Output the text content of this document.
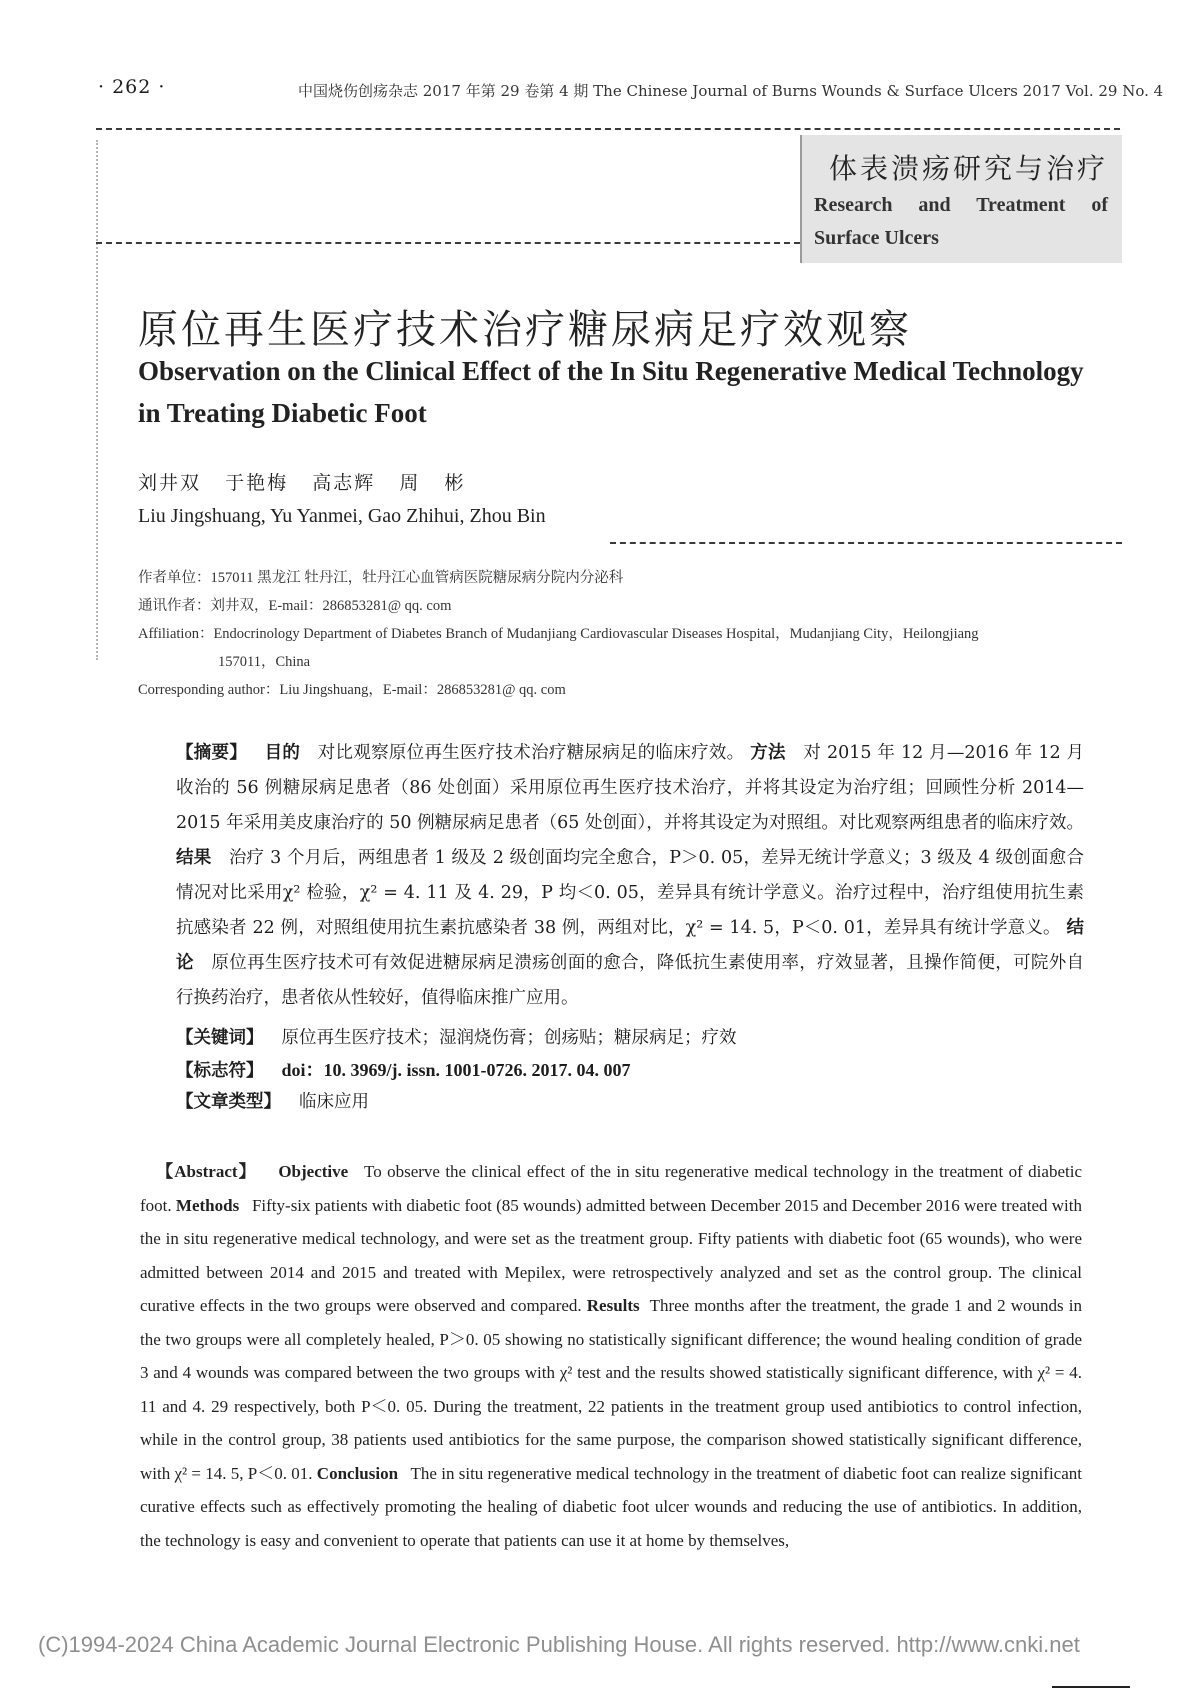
· 262 ·	中国烧伤创疡杂志 2017 年第 29 卷第 4 期 The Chinese Journal of Burns Wounds & Surface Ulcers 2017 Vol. 29 No. 4
体表溃疡研究与治疗
Research and Treatment of Surface Ulcers
原位再生医疗技术治疗糖尿病足疗效观察
Observation on the Clinical Effect of the In Situ Regenerative Medical Technology in Treating Diabetic Foot
刘井双   于艳梅   高志辉   周   彬
Liu Jingshuang, Yu Yanmei, Gao Zhihui, Zhou Bin
作者单位：157011 黑龙江 牡丹江，牡丹江心血管病医院糖尿病分院内分泌科
通讯作者：刘井双，E-mail：286853281@ qq. com
Affiliation：Endocrinology Department of Diabetes Branch of Mudanjiang Cardiovascular Diseases Hospital，Mudanjiang City，Heilongjiang
157011，China
Corresponding author：Liu Jingshuang，E-mail：286853281@ qq. com
【摘要】 目的 对比观察原位再生医疗技术治疗糖尿病足的临床疗效。 方法 对 2015 年 12 月—2016 年 12 月收治的 56 例糖尿病足患者（86 处创面）采用原位再生医疗技术治疗，并将其设定为治疗组；回顾性分析 2014—2015 年采用美皮康治疗的 50 例糖尿病足患者（65 处创面），并将其设定为对照组。对比观察两组患者的临床疗效。 结果 治疗 3 个月后，两组患者 1 级及 2 级创面均完全愈合，P＞0. 05，差异无统计学意义；3 级及 4 级创面愈合情况对比采用χ² 检验，χ² = 4. 11 及 4. 29，P 均＜0. 05，差异具有统计学意义。治疗过程中，治疗组使用抗生素抗感染者 22 例，对照组使用抗生素抗感染者 38 例，两组对比，χ² = 14. 5，P＜0. 01，差异具有统计学意义。 结论 原位再生医疗技术可有效促进糖尿病足溃疡创面的愈合，降低抗生素使用率，疗效显著，且操作简便，可院外自行换药治疗，患者依从性较好，值得临床推广应用。
【关键词】 原位再生医疗技术；湿润烧伤膏；创疡贴；糖尿病足；疗效
【标志符】 doi：10. 3969/j. issn. 1001-0726. 2017. 04. 007
【文章类型】 临床应用
【Abstract】 Objective To observe the clinical effect of the in situ regenerative medical technology in the treatment of diabetic foot. Methods Fifty-six patients with diabetic foot (85 wounds) admitted between December 2015 and December 2016 were treated with the in situ regenerative medical technology, and were set as the treatment group. Fifty patients with diabetic foot (65 wounds), who were admitted between 2014 and 2015 and treated with Mepilex, were retrospectively analyzed and set as the control group. The clinical curative effects in the two groups were observed and compared. Results Three months after the treatment, the grade 1 and 2 wounds in the two groups were all completely healed, P＞0. 05 showing no statistically significant difference; the wound healing condition of grade 3 and 4 wounds was compared between the two groups with χ² test and the results showed statistically significant difference, with χ² = 4. 11 and 4. 29 respectively, both P＜0. 05. During the treatment, 22 patients in the treatment group used antibiotics to control infection, while in the control group, 38 patients used antibiotics for the same purpose, the comparison showed statistically significant difference, with χ² = 14. 5, P＜0. 01. Conclusion The in situ regenerative medical technology in the treatment of diabetic foot can realize significant curative effects such as effectively promoting the healing of diabetic foot ulcer wounds and reducing the use of antibiotics. In addition, the technology is easy and convenient to operate that patients can use it at home by themselves,
(C)1994-2024 China Academic Journal Electronic Publishing House. All rights reserved. http://www.cnki.net
